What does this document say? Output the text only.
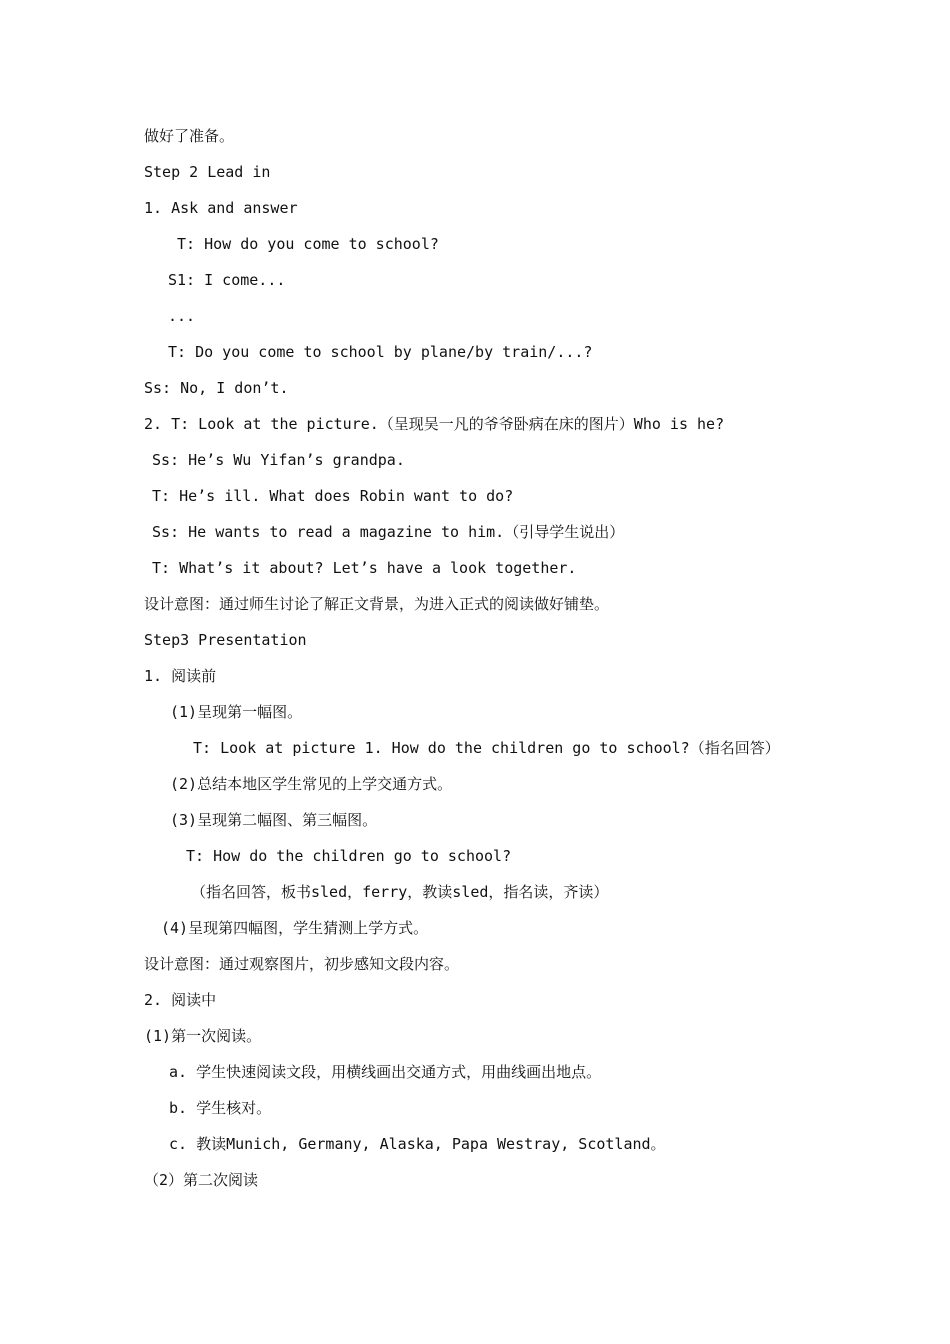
做好了准备。
Step 2 Lead in
1. Ask and answer
T: How do you come to school?
S1: I come...
...
T: Do you come to school by plane/by train/...?
Ss: No, I don’t.
2. T: Look at the picture.（呈现吴一凡的爷爷卧病在床的图片）Who is he?
Ss: He’s Wu Yifan’s grandpa.
T: He’s ill. What does Robin want to do?
Ss: He wants to read a magazine to him.（引导学生说出）
T: What’s it about? Let’s have a look together.
设计意图：通过师生讨论了解正文背景，为进入正式的阅读做好铺垫。
Step3 Presentation
1. 阅读前
(1)呈现第一幅图。
T: Look at picture 1. How do the children go to school?（指名回答）
(2)总结本地区学生常见的上学交通方式。
(3)呈现第二幅图、第三幅图。
T: How do the children go to school?
（指名回答，板书sled，ferry，教读sled，指名读，齐读）
(4)呈现第四幅图，学生猜测上学方式。
设计意图：通过观察图片，初步感知文段内容。
2. 阅读中
(1)第一次阅读。
a. 学生快速阅读文段，用横线画出交通方式，用曲线画出地点。
b. 学生核对。
c. 教读Munich, Germany, Alaska, Papa Westray, Scotland。
（2）第二次阅读
